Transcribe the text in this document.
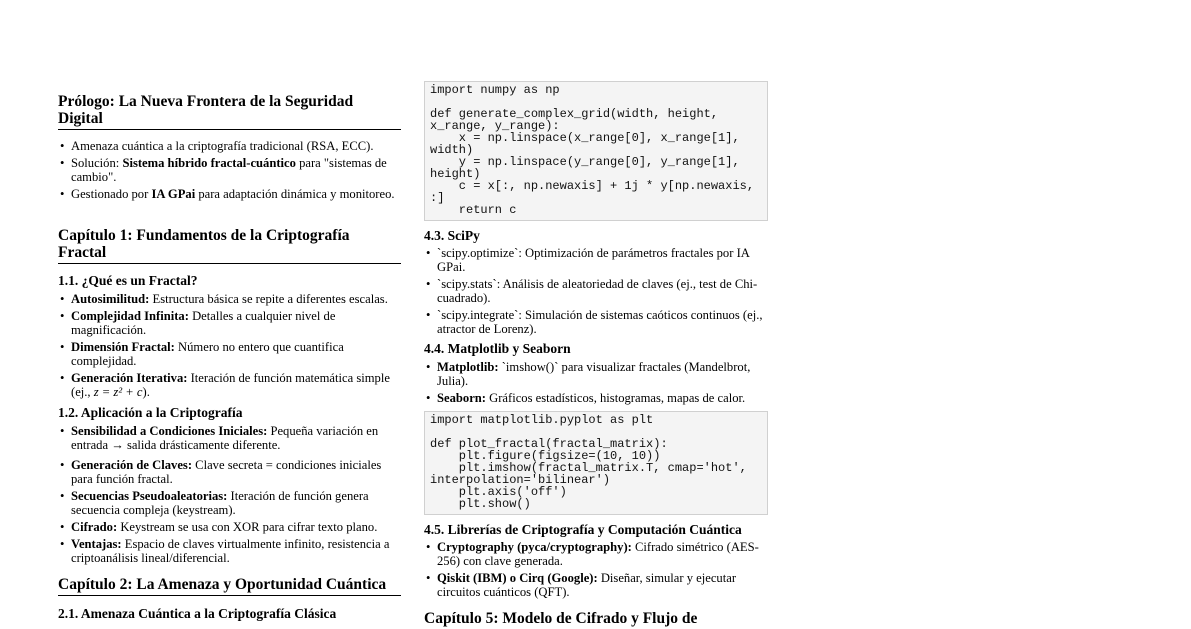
Prólogo: La Nueva Frontera de la Seguridad Digital
• Amenaza cuántica a la criptografía tradicional (RSA, ECC).
• Solución: Sistema híbrido fractal-cuántico para "sistemas de cambio".
• Gestionado por IA GPai para adaptación dinámica y monitoreo.
Capítulo 1: Fundamentos de la Criptografía Fractal
1.1. ¿Qué es un Fractal?
• Autosimilitud: Estructura básica se repite a diferentes escalas.
• Complejidad Infinita: Detalles a cualquier nivel de magnificación.
• Dimensión Fractal: Número no entero que cuantifica complejidad.
• Generación Iterativa: Iteración de función matemática simple (ej., z = z² + c).
1.2. Aplicación a la Criptografía
• Sensibilidad a Condiciones Iniciales: Pequeña variación en entrada → salida drásticamente diferente.
• Generación de Claves: Clave secreta = condiciones iniciales para función fractal.
• Secuencias Pseudoaleatorias: Iteración de función genera secuencia compleja (keystream).
• Cifrado: Keystream se usa con XOR para cifrar texto plano.
• Ventajas: Espacio de claves virtualmente infinito, resistencia a criptoanálisis lineal/diferencial.
Capítulo 2: La Amenaza y Oportunidad Cuántica
2.1. Amenaza Cuántica a la Criptografía Clásica
import numpy as np

def generate_complex_grid(width, height,
x_range, y_range):
x = np.linspace(x_range[0], x_range[1],
width)
y = np.linspace(y_range[0], y_range[1],
height)
c = x[:, np.newaxis] + 1j * y[np.newaxis,
:]
return c
4.3. SciPy
• `scipy.optimize`: Optimización de parámetros fractales por IA GPai.
• `scipy.stats`: Análisis de aleatoriedad de claves (ej., test de Chi-cuadrado).
• `scipy.integrate`: Simulación de sistemas caóticos continuos (ej., atractor de Lorenz).
4.4. Matplotlib y Seaborn
• Matplotlib: `imshow()` para visualizar fractales (Mandelbrot, Julia).
• Seaborn: Gráficos estadísticos, histogramas, mapas de calor.
import matplotlib.pyplot as plt

def plot_fractal(fractal_matrix):
plt.figure(figsize=(10, 10))
plt.imshow(fractal_matrix.T, cmap='hot',
interpolation='bilinear')
plt.axis('off')
plt.show()
4.5. Librerías de Criptografía y Computación Cuántica
• Cryptography (pyca/cryptography): Cifrado simétrico (AES-256) con clave generada.
• Qiskit (IBM) o Cirq (Google): Diseñar, simular y ejecutar circuitos cuánticos (QFT).
Capítulo 5: Modelo de Cifrado y Flujo de
